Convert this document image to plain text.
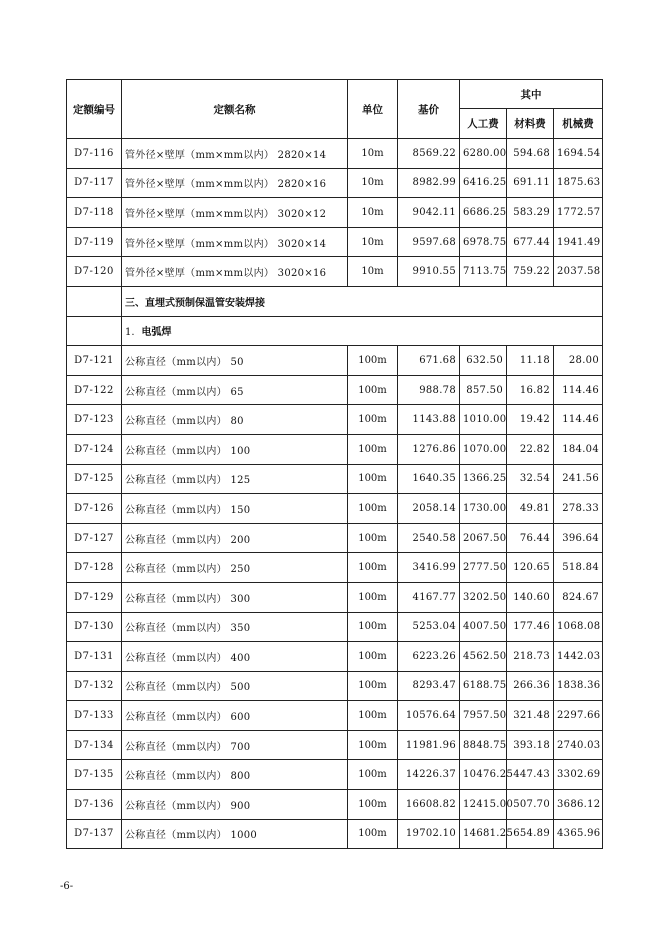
定额编号	定额名称	单位	基价	其中		
				人工费	材料费	机械费
D7-116	管外径×壁厚（mm×mm以内） 2820×14	10m	8569.22	6280.00	594.68	1694.54
D7-117	管外径×壁厚（mm×mm以内） 2820×16	10m	8982.99	6416.25	691.11	1875.63
D7-118	管外径×壁厚（mm×mm以内） 3020×12	10m	9042.11	6686.25	583.29	1772.57
D7-119	管外径×壁厚（mm×mm以内） 3020×14	10m	9597.68	6978.75	677.44	1941.49
D7-120	管外径×壁厚（mm×mm以内） 3020×16	10m	9910.55	7113.75	759.22	2037.58
	三、直埋式预制保温管安装焊接					
	1. 电弧焊					
D7-121	公称直径（mm以内） 50	100m	671.68	632.50	11.18	28.00
D7-122	公称直径（mm以内） 65	100m	988.78	857.50	16.82	114.46
D7-123	公称直径（mm以内） 80	100m	1143.88	1010.00	19.42	114.46
D7-124	公称直径（mm以内） 100	100m	1276.86	1070.00	22.82	184.04
D7-125	公称直径（mm以内） 125	100m	1640.35	1366.25	32.54	241.56
D7-126	公称直径（mm以内） 150	100m	2058.14	1730.00	49.81	278.33
D7-127	公称直径（mm以内） 200	100m	2540.58	2067.50	76.44	396.64
D7-128	公称直径（mm以内） 250	100m	3416.99	2777.50	120.65	518.84
D7-129	公称直径（mm以内） 300	100m	4167.77	3202.50	140.60	824.67
D7-130	公称直径（mm以内） 350	100m	5253.04	4007.50	177.46	1068.08
D7-131	公称直径（mm以内） 400	100m	6223.26	4562.50	218.73	1442.03
D7-132	公称直径（mm以内） 500	100m	8293.47	6188.75	266.36	1838.36
D7-133	公称直径（mm以内） 600	100m	10576.64	7957.50	321.48	2297.66
D7-134	公称直径（mm以内） 700	100m	11981.96	8848.75	393.18	2740.03
D7-135	公称直径（mm以内） 800	100m	14226.37	10476.25	447.43	3302.69
D7-136	公称直径（mm以内） 900	100m	16608.82	12415.00	507.70	3686.12
D7-137	公称直径（mm以内） 1000	100m	19702.10	14681.25	654.89	4365.96
-6-
